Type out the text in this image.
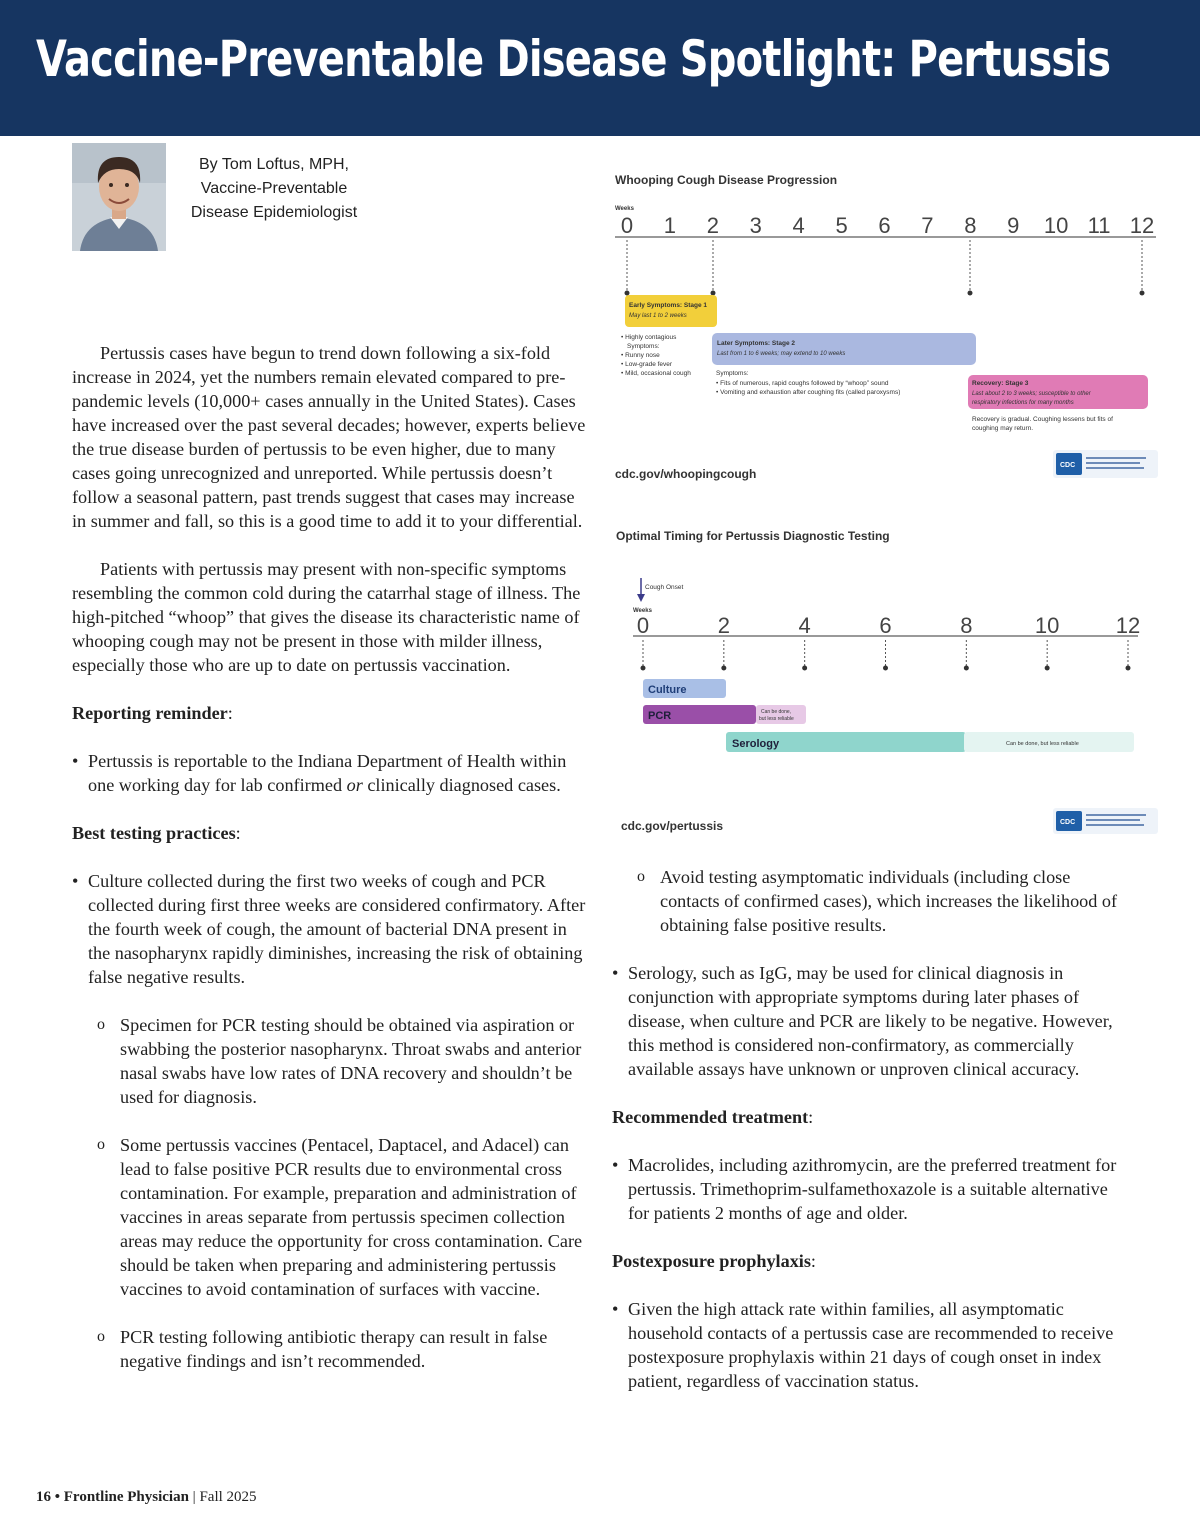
Vaccine-Preventable Disease Spotlight: Pertussis
By Tom Loftus, MPH,
Vaccine-Preventable
Disease Epidemiologist
Whooping Cough Disease Progression
Weeks
0 1 2 3 4 5 6 7 8 9 10 11 12
Early Symptoms: Stage 1
May last 1 to 2 weeks
• Highly contagious
Symptoms:
• Runny nose
• Low-grade fever
• Mild, occasional cough
Later Symptoms: Stage 2
Last from 1 to 6 weeks; may extend to 10 weeks
Symptoms:
• Fits of numerous, rapid coughs followed by “whoop” sound
• Vomiting and exhaustion after coughing fits (called paroxysms)
Recovery: Stage 3
Last about 2 to 3 weeks; susceptible to other
respiratory infections for many months
Recovery is gradual. Coughing lessens but fits of
coughing may return.
cdc.gov/whoopingcough
CDC
Optimal Timing for Pertussis Diagnostic Testing
Cough Onset
Weeks
0	2	4	6	8	10	12
Culture
PCR	Can be done,
but less reliable
Serology	Can be done, but less reliable
cdc.gov/pertussis	CDC

Pertussis cases have begun to trend down following a six-fold increase in 2024, yet the numbers remain elevated compared to pre-pandemic levels (10,000+ cases annually in the United States). Cases have increased over the past several decades; however, experts believe the true disease burden of pertussis to be even higher, due to many cases going unrecognized and unreported. While pertussis doesn’t follow a seasonal pattern, past trends suggest that cases may increase in summer and fall, so this is a good time to add it to your differential.

Patients with pertussis may present with non-specific symptoms resembling the common cold during the catarrhal stage of illness. The high-pitched “whoop” that gives the disease its characteristic name of whooping cough may not be present in those with milder illness, especially those who are up to date on pertussis vaccination.

Reporting reminder:

• Pertussis is reportable to the Indiana Department of Health within one working day for lab confirmed or clinically diagnosed cases.

Best testing practices:

• Culture collected during the first two weeks of cough and PCR collected during first three weeks are considered confirmatory. After the fourth week of cough, the amount of bacterial DNA present in the nasopharynx rapidly diminishes, increasing the risk of obtaining false negative results.

o Specimen for PCR testing should be obtained via aspiration or swabbing the posterior nasopharynx. Throat swabs and anterior nasal swabs have low rates of DNA recovery and shouldn’t be used for diagnosis.

o Some pertussis vaccines (Pentacel, Daptacel, and Adacel) can lead to false positive PCR results due to environmental cross contamination. For example, preparation and administration of vaccines in areas separate from pertussis specimen collection areas may reduce the opportunity for cross contamination. Care should be taken when preparing and administering pertussis vaccines to avoid contamination of surfaces with vaccine.

o PCR testing following antibiotic therapy can result in false negative findings and isn’t recommended.

o Avoid testing asymptomatic individuals (including close contacts of confirmed cases), which increases the likelihood of obtaining false positive results.

• Serology, such as IgG, may be used for clinical diagnosis in conjunction with appropriate symptoms during later phases of disease, when culture and PCR are likely to be negative. However, this method is considered non-confirmatory, as commercially available assays have unknown or unproven clinical accuracy.

Recommended treatment:

• Macrolides, including azithromycin, are the preferred treatment for pertussis. Trimethoprim-sulfamethoxazole is a suitable alternative for patients 2 months of age and older.

Postexposure prophylaxis:

• Given the high attack rate within families, all asymptomatic household contacts of a pertussis case are recommended to receive postexposure prophylaxis within 21 days of cough onset in index patient, regardless of vaccination status.

16 • Frontline Physician | Fall 2025
